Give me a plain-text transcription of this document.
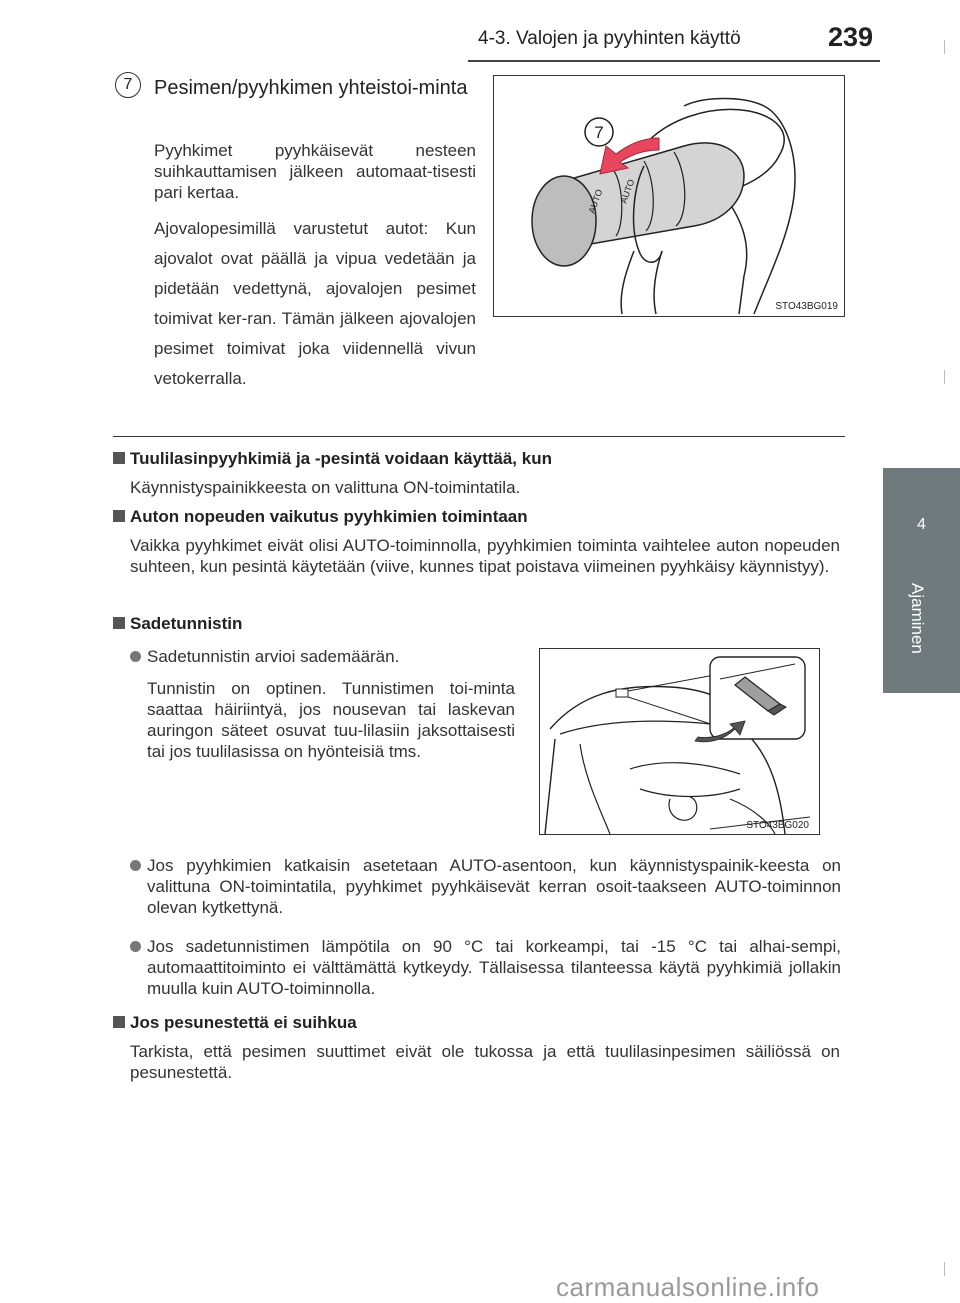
4-3. Valojen ja pyyhinten käyttö	239
4
Ajaminen
7	Pesimen/pyyhkimen yhteistoi-minta
Pyyhkimet pyyhkäisevät nesteen suihkauttamisen jälkeen automaat-tisesti pari kertaa.
Ajovalopesimillä varustetut autot: Kun ajovalot ovat päällä ja vipua vedetään ja pidetään vedettynä, ajovalojen pesimet toimivat ker-ran. Tämän jälkeen ajovalojen pesimet toimivat joka viidennellä vivun vetokerralla.
AUTO AUTO
7
STO43BG019
Tuulilasinpyyhkimiä ja -pesintä voidaan käyttää, kun
Käynnistyspainikkeesta on valittuna ON-toimintatila.
Auton nopeuden vaikutus pyyhkimien toimintaan
Vaikka pyyhkimet eivät olisi AUTO-toiminnolla, pyyhkimien toiminta vaihtelee auton nopeuden suhteen, kun pesintä käytetään (viive, kunnes tipat poistava viimeinen pyyhkäisy käynnistyy).
Sadetunnistin
Sadetunnistin arvioi sademäärän.
Tunnistin on optinen. Tunnistimen toi-minta saattaa häiriintyä, jos nousevan tai laskevan auringon säteet osuvat tuu-lilasiin jaksottaisesti tai jos tuulilasissa on hyönteisiä tms.
STO43BG020
Jos pyyhkimien katkaisin asetetaan AUTO-asentoon, kun käynnistyspainik-keesta on valittuna ON-toimintatila, pyyhkimet pyyhkäisevät kerran osoit-taakseen AUTO-toiminnon olevan kytkettynä.
Jos sadetunnistimen lämpötila on 90 °C tai korkeampi, tai -15 °C tai alhai-sempi, automaattitoiminto ei välttämättä kytkeydy. Tällaisessa tilanteessa käytä pyyhkimiä jollakin muulla kuin AUTO-toiminnolla.
Jos pesunestettä ei suihkua
Tarkista, että pesimen suuttimet eivät ole tukossa ja että tuulilasinpesimen säiliössä on pesunestettä.
carmanualsonline.info
